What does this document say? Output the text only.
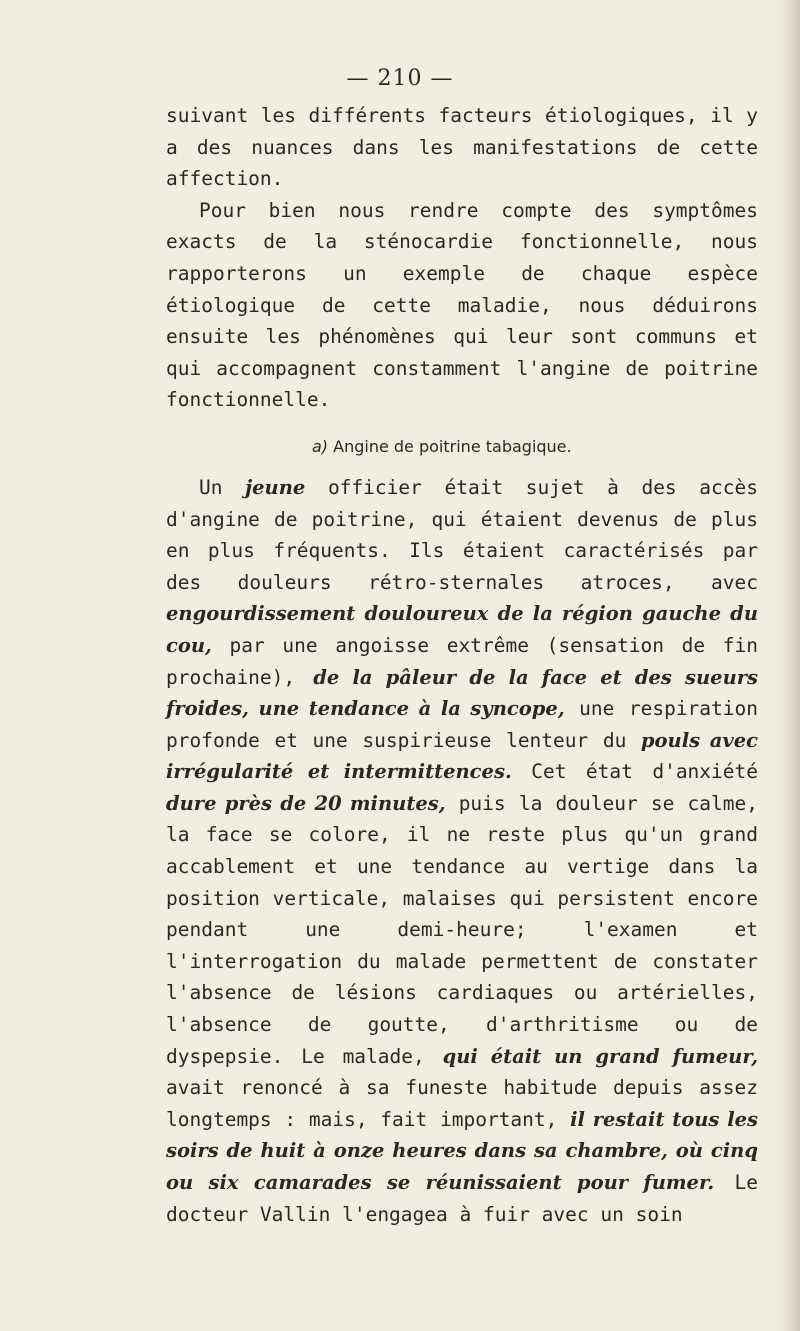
— 210 —

suivant les différents facteurs étiologiques, il y a des nuances dans les manifestations de cette affection.

Pour bien nous rendre compte des symptômes exacts de la sténocardie fonctionnelle, nous rapporterons un exemple de chaque espèce étiologique de cette maladie, nous déduirons ensuite les phénomènes qui leur sont communs et qui accompagnent constamment l'angine de poitrine fonctionnelle.

a) Angine de poitrine tabagique.

Un jeune officier était sujet à des accès d'angine de poitrine, qui étaient devenus de plus en plus fréquents. Ils étaient caractérisés par des douleurs rétro-sternales atroces, avec engourdissement douloureux de la région gauche du cou, par une angoisse extrême (sensation de fin prochaine), de la pâleur de la face et des sueurs froides, une tendance à la syncope, une respiration profonde et une suspirieuse lenteur du pouls avec irrégularité et intermittences. Cet état d'anxiété dure près de 20 minutes, puis la douleur se calme, la face se colore, il ne reste plus qu'un grand accablement et une tendance au vertige dans la position verticale, malaises qui persistent encore pendant une demi-heure; l'examen et l'interrogation du malade permettent de constater l'absence de lésions cardiaques ou artérielles, l'absence de goutte, d'arthritisme ou de dyspepsie. Le malade, qui était un grand fumeur, avait renoncé à sa funeste habitude depuis assez longtemps : mais, fait important, il restait tous les soirs de huit à onze heures dans sa chambre, où cinq ou six camarades se réunissaient pour fumer. Le docteur Vallin l'engagea à fuir avec un soin
